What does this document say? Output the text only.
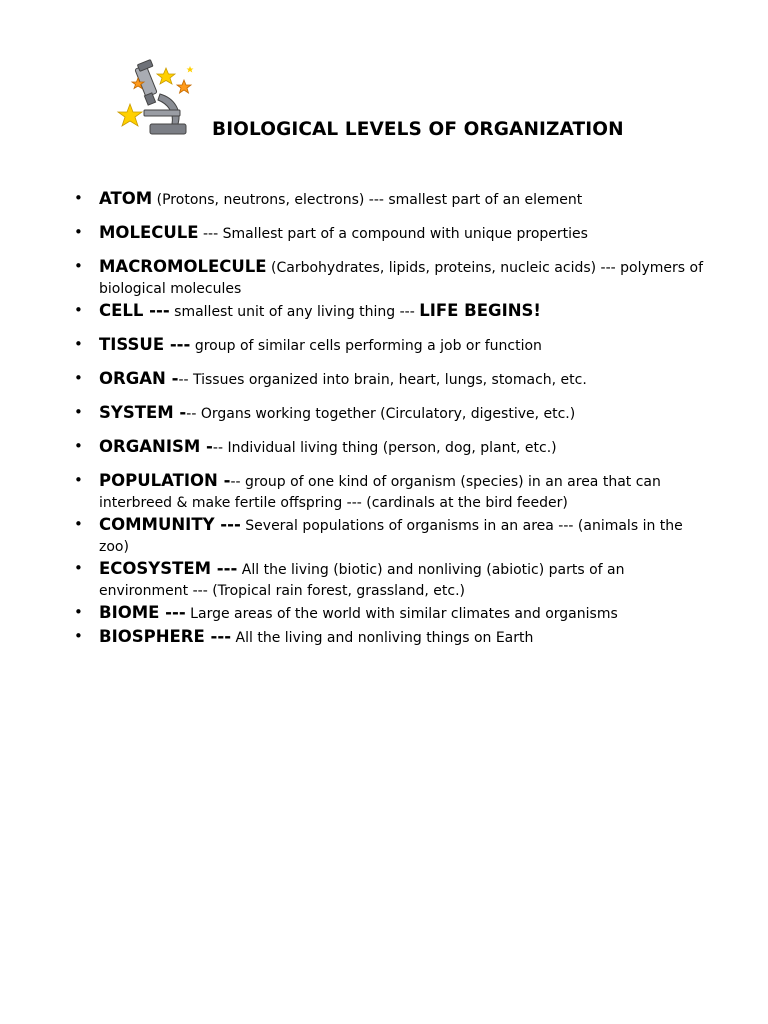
BIOLOGICAL LEVELS OF ORGANIZATION
• ATOM (Protons, neutrons, electrons) --- smallest part of an element
• MOLECULE --- Smallest part of a compound with unique properties
• MACROMOLECULE (Carbohydrates, lipids, proteins, nucleic acids) --- polymers of biological molecules
• CELL --- smallest unit of any living thing --- LIFE BEGINS!
• TISSUE --- group of similar cells performing a job or function
• ORGAN --- Tissues organized into brain, heart, lungs, stomach, etc.
• SYSTEM --- Organs working together (Circulatory, digestive, etc.)
• ORGANISM --- Individual living thing (person, dog, plant, etc.)
• POPULATION --- group of one kind of organism (species) in an area that can interbreed & make fertile offspring --- (cardinals at the bird feeder)
• COMMUNITY --- Several populations of organisms in an area --- (animals in the zoo)
• ECOSYSTEM --- All the living (biotic) and nonliving (abiotic) parts of an environment --- (Tropical rain forest, grassland, etc.)
• BIOME --- Large areas of the world with similar climates and organisms
• BIOSPHERE --- All the living and nonliving things on Earth
